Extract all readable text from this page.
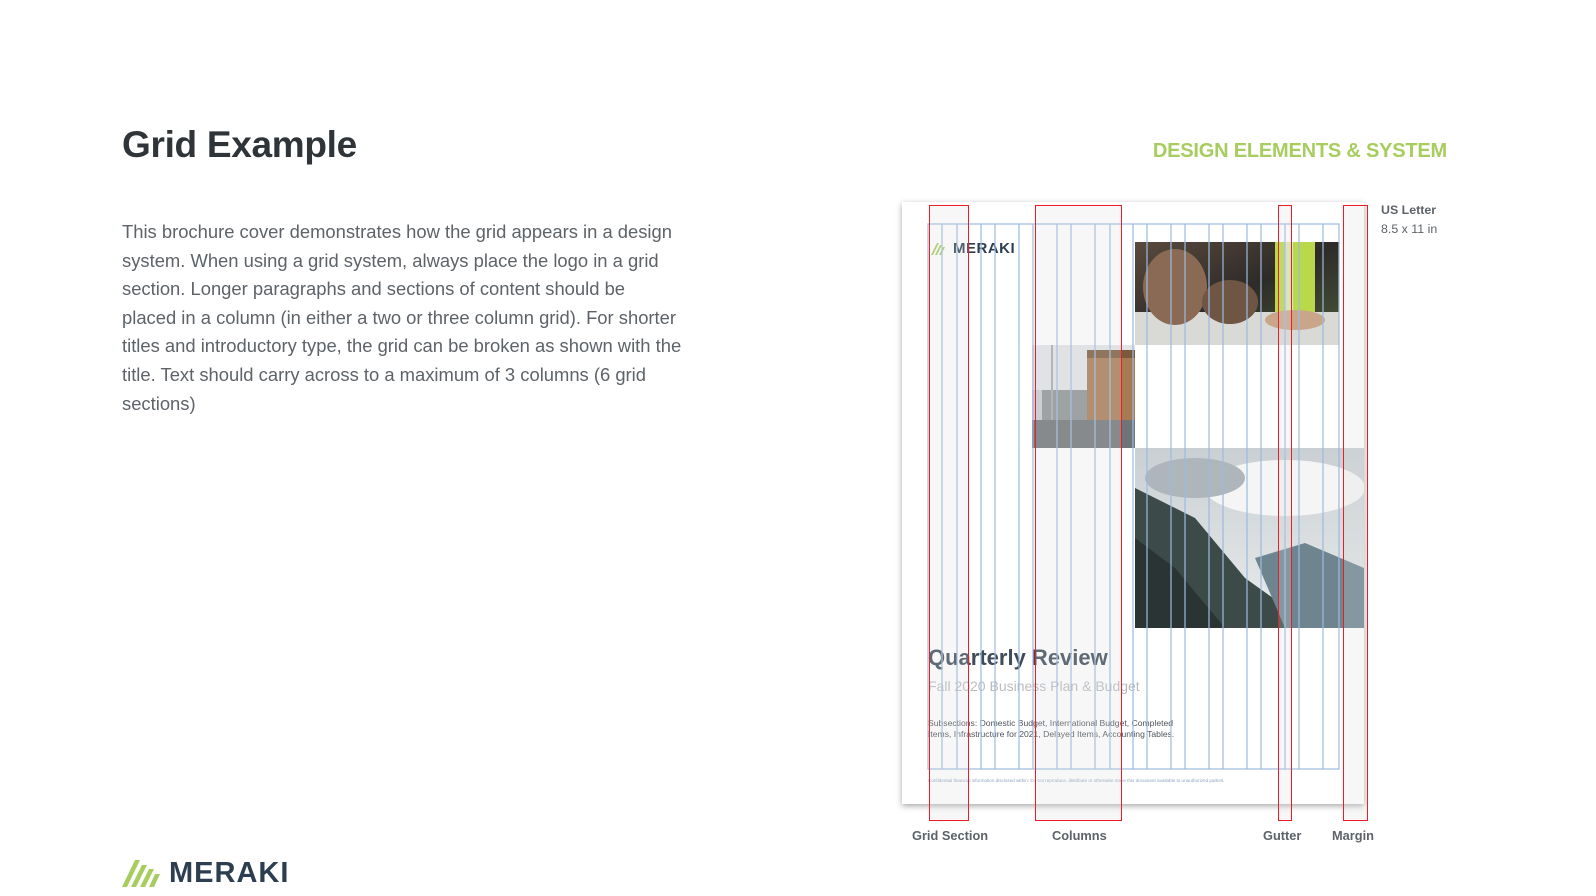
Grid Example	DESIGN ELEMENTS & SYSTEM

This brochure cover demonstrates how the grid appears in a design system. When using a grid system, always place the logo in a grid section. Longer paragraphs and sections of content should be placed in a column (in either a two or three column grid). For shorter titles and introductory type, the grid can be broken as shown with the title. Text should carry across to a maximum of 3 columns (6 grid sections)

MERAKI
Quarterly Review
Fall 2020 Business Plan & Budget
Subsections: Domestic Budget, International Budget, Completed Items, Infrastructure for 2021, Delayed Items, Accounting Tables.
Confidential financial information disclosed within. Do not reproduce, distribute or otherwise make this document available to unauthorized parties.
Grid Section	Columns	Gutter Margin
US Letter
8.5 x 11 in
MERAKI
